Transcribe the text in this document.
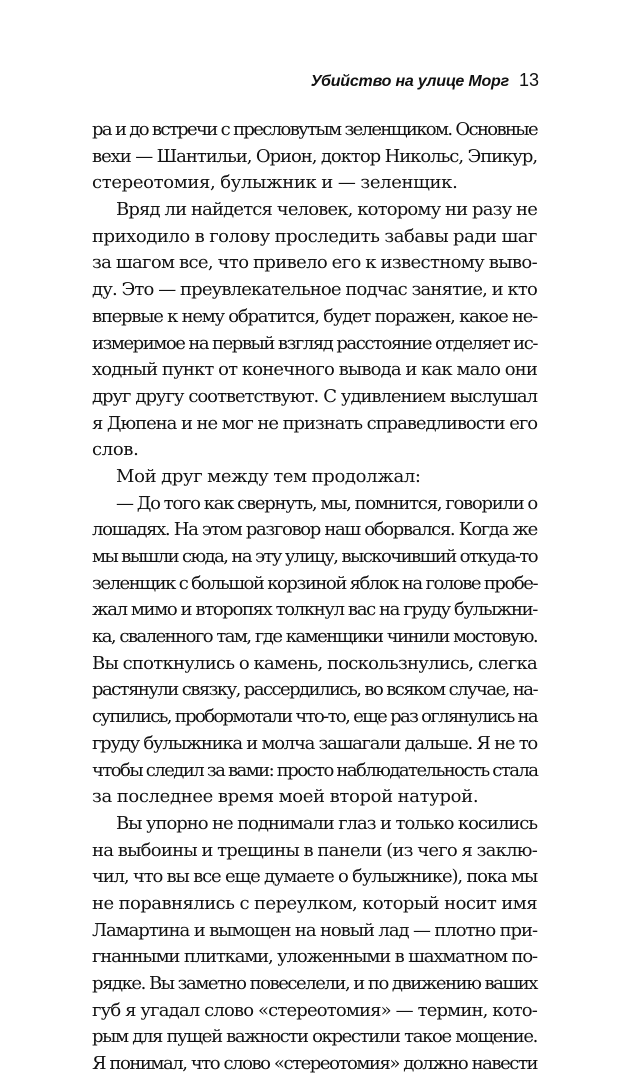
Убийство на улице Морг 13
ра и до встречи с пресловутым зеленщиком. Основные
вехи — Шантильи, Орион, доктор Никольс, Эпикур,
стереотомия, булыжник и — зеленщик.
Вряд ли найдется человек, которому ни разу не
приходило в голову проследить забавы ради шаг
за шагом все, что привело его к известному выво-
ду. Это — преувлекательное подчас занятие, и кто
впервые к нему обратится, будет поражен, какое не-
измеримое на первый взгляд расстояние отделяет ис-
ходный пункт от конечного вывода и как мало они
друг другу соответствуют. С удивлением выслушал
я Дюпена и не мог не признать справедливости его
слов.
Мой друг между тем продолжал:
— До того как свернуть, мы, помнится, говорили о
лошадях. На этом разговор наш оборвался. Когда же
мы вышли сюда, на эту улицу, выскочивший откуда-то
зеленщик с большой корзиной яблок на голове пробе-
жал мимо и второпях толкнул вас на груду булыжни-
ка, сваленного там, где каменщики чинили мостовую.
Вы споткнулись о камень, поскользнулись, слегка
растянули связку, рассердились, во всяком случае, на-
супились, пробормотали что-то, еще раз оглянулись на
груду булыжника и молча зашагали дальше. Я не то
чтобы следил за вами: просто наблюдательность стала
за последнее время моей второй натурой.
Вы упорно не поднимали глаз и только косились
на выбоины и трещины в панели (из чего я заклю-
чил, что вы все еще думаете о булыжнике), пока мы
не поравнялись с переулком, который носит имя
Ламартина и вымощен на новый лад — плотно при-
гнанными плитками, уложенными в шахматном по-
рядке. Вы заметно повеселели, и по движению ваших
губ я угадал слово «стереотомия» — термин, кото-
рым для пущей важности окрестили такое мощение.
Я понимал, что слово «стереотомия» должно навести
